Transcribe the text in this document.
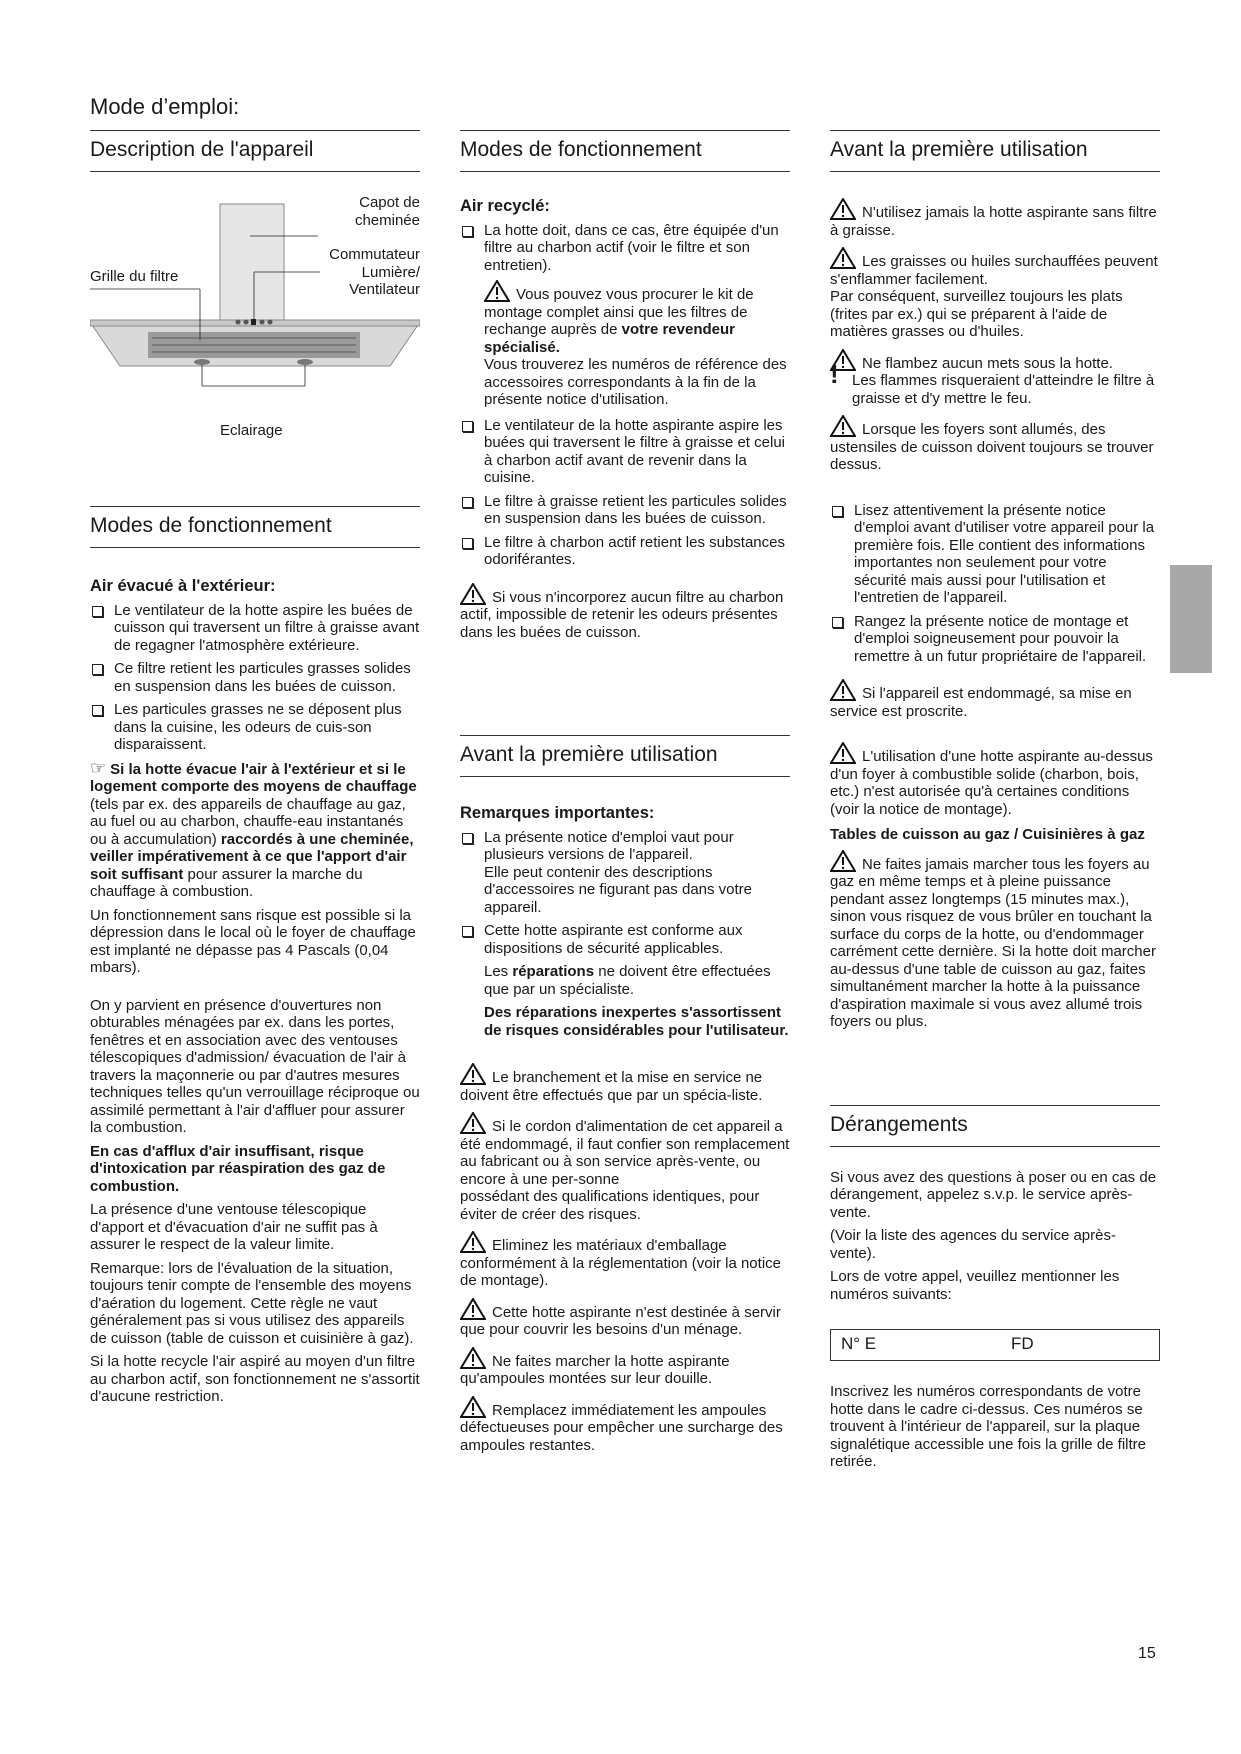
Mode d’emploi:
Description de l'appareil
Capot de
cheminée
Commutateur
Lumière/
Ventilateur
Grille du filtre
Eclairage
Modes de fonctionnement
Air évacué à l'extérieur:
Le ventilateur de la hotte aspire les buées de cuisson qui traversent un filtre à graisse avant de regagner l'atmosphère extérieure.
Ce filtre retient les particules grasses solides en suspension dans les buées de cuisson.
Les particules grasses ne se déposent plus dans la cuisine, les odeurs de cuis-son disparaissent.

☞ Si la hotte évacue l'air à l'extérieur et si le logement comporte des moyens de chauffage (tels par ex. des appareils de chauffage au gaz, au fuel ou au charbon, chauffe-eau instantanés ou à accumulation) raccordés à une cheminée, veiller impérativement à ce que l'apport d'air soit suffisant pour assurer la marche du chauffage à combustion.

Un fonctionnement sans risque est possible si la dépression dans le local où le foyer de chauffage est implanté ne dépasse pas 4 Pascals (0,04 mbars).

On y parvient en présence d'ouvertures non obturables ménagées par ex. dans les portes, fenêtres et en association avec des ventouses télescopiques d'admission/ évacuation de l'air à travers la maçonnerie ou par d'autres mesures techniques telles qu'un verrouillage réciproque ou assimilé permettant à l'air d'affluer pour assurer la combustion.

En cas d'afflux d'air insuffisant, risque d'intoxication par réaspiration des gaz de combustion.

La présence d'une ventouse télescopique d'apport et d'évacuation d'air ne suffit pas à assurer le respect de la valeur limite.

Remarque: lors de l'évaluation de la situation, toujours tenir compte de l'ensemble des moyens d'aération du logement. Cette règle ne vaut généralement pas si vous utilisez des appareils de cuisson (table de cuisson et cuisinière à gaz).

Si la hotte recycle l'air aspiré au moyen d'un filtre au charbon actif, son fonctionnement ne s'assortit d'aucune restriction.

Modes de fonctionnement
Air recyclé:
La hotte doit, dans ce cas, être équipée d'un filtre au charbon actif (voir le filtre et son entretien).
Vous pouvez vous procurer le kit de montage complet ainsi que les filtres de rechange auprès de votre revendeur spécialisé.
Vous trouverez les numéros de référence des accessoires correspondants à la fin de la présente notice d'utilisation.
Le ventilateur de la hotte aspirante aspire les buées qui traversent le filtre à graisse et celui à charbon actif avant de revenir dans la cuisine.
Le filtre à graisse retient les particules solides en suspension dans les buées de cuisson.
Le filtre à charbon actif retient les substances odoriférantes.
Si vous n'incorporez aucun filtre au charbon actif, impossible de retenir les odeurs présentes dans les buées de cuisson.
Avant la première utilisation
Remarques importantes:
La présente notice d'emploi vaut pour plusieurs versions de l'appareil.
Elle peut contenir des descriptions d'accessoires ne figurant pas dans votre appareil.
Cette hotte aspirante est conforme aux dispositions de sécurité applicables.
Les réparations ne doivent être effectuées que par un spécialiste.
Des réparations inexpertes s'assortissent de risques considérables pour l'utilisateur.
Le branchement et la mise en service ne doivent être effectués que par un spécia-liste.
Si le cordon d'alimentation de cet appareil a été endommagé, il faut confier son remplacement au fabricant ou à son service après-vente, ou encore à une per-sonne
possédant des qualifications identiques, pour éviter de créer des risques.
Eliminez les matériaux d'emballage conformément à la réglementation (voir la notice de montage).
Cette hotte aspirante n'est destinée à servir que pour couvrir les besoins d'un ménage.
Ne faites marcher la hotte aspirante qu'ampoules montées sur leur douille.
Remplacez immédiatement les ampoules défectueuses pour empêcher une surcharge des ampoules restantes.
Avant la première utilisation
N'utilisez jamais la hotte aspirante sans filtre à graisse.
Les graisses ou huiles surchauffées peuvent s'enflammer facilement.
Par conséquent, surveillez toujours les plats (frites par ex.) qui se préparent à l'aide de matières grasses ou d'huiles.
Ne flambez aucun mets sous la hotte.
! Les flammes risqueraient d'atteindre le filtre à graisse et d'y mettre le feu.
Lorsque les foyers sont allumés, des ustensiles de cuisson doivent toujours se trouver dessus.
Lisez attentivement la présente notice d'emploi avant d'utiliser votre appareil pour la première fois. Elle contient des informations importantes non seulement pour votre sécurité mais aussi pour l'utilisation et l'entretien de l'appareil.
Rangez la présente notice de montage et d'emploi soigneusement pour pouvoir la remettre à un futur propriétaire de l'appareil.
Si l'appareil est endommagé, sa mise en service est proscrite.
L'utilisation d'une hotte aspirante au-dessus d'un foyer à combustible solide (charbon, bois, etc.) n'est autorisée qu'à certaines conditions (voir la notice de montage).

Tables de cuisson au gaz / Cuisinières à gaz

Ne faites jamais marcher tous les foyers au gaz en même temps et à pleine puissance pendant assez longtemps (15 minutes max.), sinon vous risquez de vous brûler en touchant la surface du corps de la hotte, ou d'endommager carrément cette dernière. Si la hotte doit marcher au-dessus d'une table de cuisson au gaz, faites simultanément marcher la hotte à la puissance d'aspiration maximale si vous avez allumé trois foyers ou plus.
Dérangements

Si vous avez des questions à poser ou en cas de dérangement, appelez s.v.p. le service après-vente.

(Voir la liste des agences du service après-vente).

Lors de votre appel, veuillez mentionner les numéros suivants:

N° E	FD

Inscrivez les numéros correspondants de votre hotte dans le cadre ci-dessus. Ces numéros se trouvent à l'intérieur de l'appareil, sur la plaque signalétique accessible une fois la grille de filtre retirée.

15
